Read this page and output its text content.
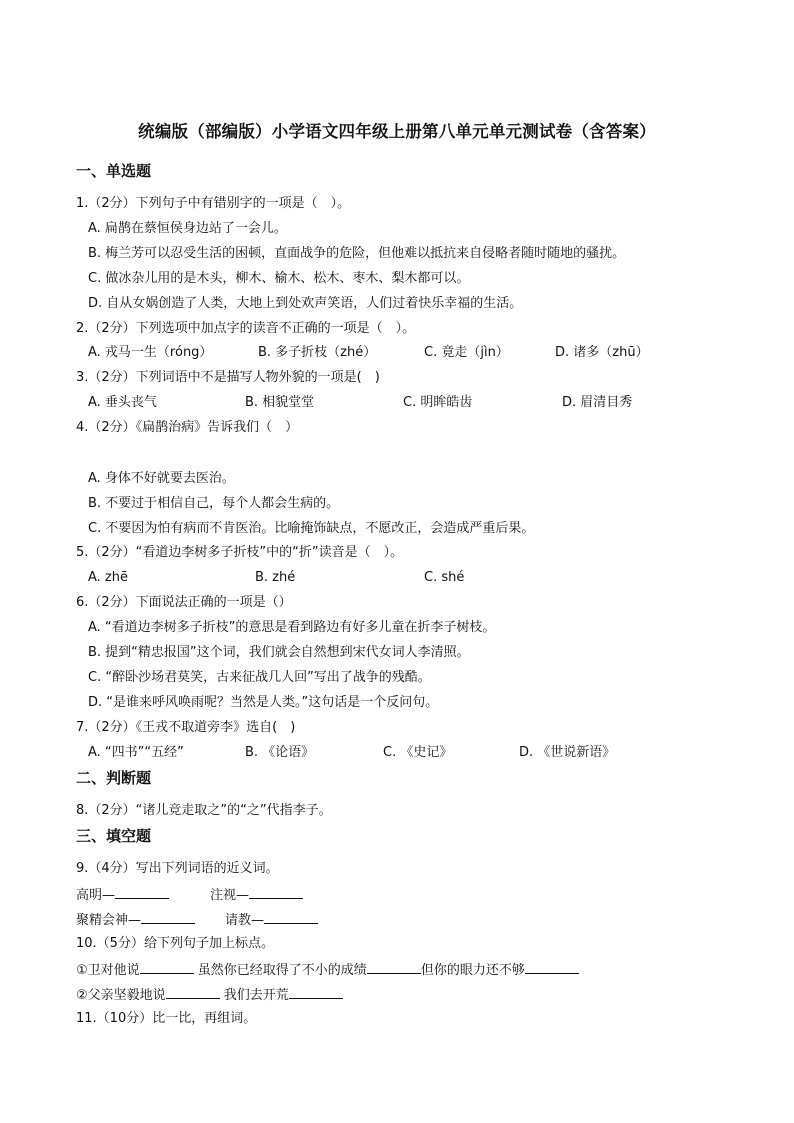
统编版（部编版）小学语文四年级上册第八单元单元测试卷（含答案）
一、单选题
1.（2分）下列句子中有错别字的一项是（　）。
A. 扁鹊在蔡恒侯身边站了一会儿。
B. 梅兰芳可以忍受生活的困顿，直面战争的危险，但他难以抵抗来自侵略者随时随地的骚扰。
C. 做冰杂儿用的是木头，柳木、榆木、松木、枣木、梨木都可以。
D. 自从女娲创造了人类，大地上到处欢声笑语，人们过着快乐幸福的生活。
2.（2分）下列选项中加点字的读音不正确的一项是（　）。
A. 戎马一生（róng）	B. 多子折枝（zhé）	C. 竟走（jìn）	D. 诸多（zhū）
3.（2分）下列词语中不是描写人物外貌的一项是(　)
A. 垂头丧气	B. 相貌堂堂	C. 明眸皓齿	D. 眉清目秀
4.（2分）《扁鹊治病》告诉我们（　）
A. 身体不好就要去医治。
B. 不要过于相信自己，每个人都会生病的。
C. 不要因为怕有病而不肯医治。比喻掩饰缺点，不愿改正，会造成严重后果。
5.（2分）“看道边李树多子折枝”中的“折”读音是（　）。
A. zhē	B. zhé	C. shé
6.（2分）下面说法正确的一项是（）
A. “看道边李树多子折枝”的意思是看到路边有好多儿童在折李子树枝。
B. 提到“精忠报国”这个词，我们就会自然想到宋代女词人李清照。
C. “醉卧沙场君莫笑，古来征战几人回”写出了战争的残酷。
D. “是谁来呼风唤雨呢？当然是人类。”这句话是一个反问句。
7.（2分）《王戎不取道旁李》选自(　)
A. “四书”“五经”	B. 《论语》	C. 《史记》	D. 《世说新语》
二、判断题
8.（2分）“诸儿竞走取之”的“之”代指李子。
三、填空题
9.（4分）写出下列词语的近义词。
高明—	注视—
聚精会神—	请教—
10.（5分）给下列句子加上标点。
①卫对他说	虽然你已经取得了不小的成绩	但你的眼力还不够
②父亲坚毅地说	我们去开荒
11.（10分）比一比，再组词。
